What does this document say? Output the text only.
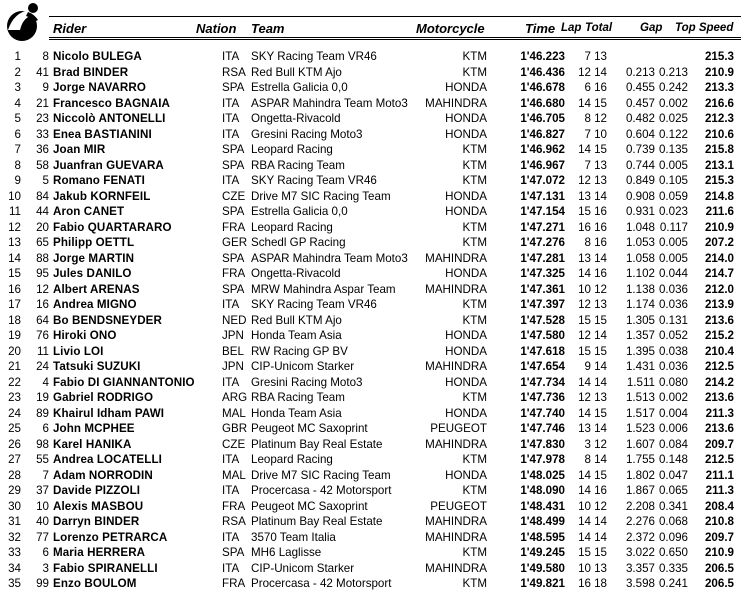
Rider	Nation Team	Motorcycle	Time Lap Total Gap Top Speed
1 8 Nicolo BULEGA	ITA SKY Racing Team VR46	KTM	1'46.223 7 13	215.3
2 41 Brad BINDER	RSA Red Bull KTM Ajo	KTM	1'46.436 12 14 0.213 0.213 210.9
3 9 Jorge NAVARRO	SPA Estrella Galicia 0,0	HONDA	1'46.678 6 16 0.455 0.242 213.3
4 21 Francesco BAGNAIA	ITA ASPAR Mahindra Team Moto3 MAHINDRA	1'46.680 14 15 0.457 0.002 216.6
5 23 Niccolò ANTONELLI	ITA Ongetta-Rivacold	HONDA	1'46.705 8 12 0.482 0.025 212.3
6 33 Enea BASTIANINI	ITA Gresini Racing Moto3	HONDA	1'46.827 7 10 0.604 0.122 210.6
7 36 Joan MIR	SPA Leopard Racing	KTM	1'46.962 14 15 0.739 0.135 215.8
8 58 Juanfran GUEVARA	SPA RBA Racing Team	KTM	1'46.967 7 13 0.744 0.005 213.1
9 5 Romano FENATI	ITA SKY Racing Team VR46	KTM	1'47.072 12 13 0.849 0.105 215.3
10 84 Jakub KORNFEIL	CZE Drive M7 SIC Racing Team	HONDA	1'47.131 13 14 0.908 0.059 214.8
11 44 Aron CANET	SPA Estrella Galicia 0,0	HONDA	1'47.154 15 16 0.931 0.023 211.6
12 20 Fabio QUARTARARO	FRA Leopard Racing	KTM	1'47.271 16 16 1.048 0.117 210.9
13 65 Philipp OETTL	GER Schedl GP Racing	KTM	1'47.276 8 16 1.053 0.005 207.2
14 88 Jorge MARTIN	SPA ASPAR Mahindra Team Moto3 MAHINDRA	1'47.281 13 14 1.058 0.005 214.0
15 95 Jules DANILO	FRA Ongetta-Rivacold	HONDA	1'47.325 14 16 1.102 0.044 214.7
16 12 Albert ARENAS	SPA MRW Mahindra Aspar Team	MAHINDRA	1'47.361 10 12 1.138 0.036 212.0
17 16 Andrea MIGNO	ITA SKY Racing Team VR46	KTM	1'47.397 12 13 1.174 0.036 213.9
18 64 Bo BENDSNEYDER	NED Red Bull KTM Ajo	KTM	1'47.528 15 15 1.305 0.131 213.6
19 76 Hiroki ONO	JPN Honda Team Asia	HONDA	1'47.580 12 14 1.357 0.052 215.2
20 11 Livio LOI	BEL RW Racing GP BV	HONDA	1'47.618 15 15 1.395 0.038 210.4
21 24 Tatsuki SUZUKI	JPN CIP-Unicom Starker	MAHINDRA	1'47.654 9 14 1.431 0.036 212.5
22 4 Fabio DI GIANNANTONIO ITA Gresini Racing Moto3	HONDA	1'47.734 14 14 1.511 0.080 214.2
23 19 Gabriel RODRIGO	ARG RBA Racing Team	KTM	1'47.736 12 13 1.513 0.002 213.6
24 89 Khairul Idham PAWI	MAL Honda Team Asia	HONDA	1'47.740 14 15 1.517 0.004 211.3
25 6 John MCPHEE	GBR Peugeot MC Saxoprint	PEUGEOT	1'47.746 13 14 1.523 0.006 213.6
26 98 Karel HANIKA	CZE Platinum Bay Real Estate	MAHINDRA	1'47.830 3 12 1.607 0.084 209.7
27 55 Andrea LOCATELLI	ITA Leopard Racing	KTM	1'47.978 8 14 1.755 0.148 212.5
28 7 Adam NORRODIN	MAL Drive M7 SIC Racing Team	HONDA	1'48.025 14 15 1.802 0.047 211.1
29 37 Davide PIZZOLI	ITA Procercasa - 42 Motorsport	KTM	1'48.090 14 16 1.867 0.065 211.3
30 10 Alexis MASBOU	FRA Peugeot MC Saxoprint	PEUGEOT	1'48.431 10 12 2.208 0.341 208.4
31 40 Darryn BINDER	RSA Platinum Bay Real Estate	MAHINDRA	1'48.499 14 14 2.276 0.068 210.8
32 77 Lorenzo PETRARCA	ITA 3570 Team Italia	MAHINDRA	1'48.595 14 14 2.372 0.096 209.7
33 6 Maria HERRERA	SPA MH6 Laglisse	KTM	1'49.245 15 15 3.022 0.650 210.9
34 3 Fabio SPIRANELLI	ITA CIP-Unicom Starker	MAHINDRA	1'49.580 10 13 3.357 0.335 206.5
35 99 Enzo BOULOM	FRA Procercasa - 42 Motorsport	KTM	1'49.821 16 18 3.598 0.241 206.5
